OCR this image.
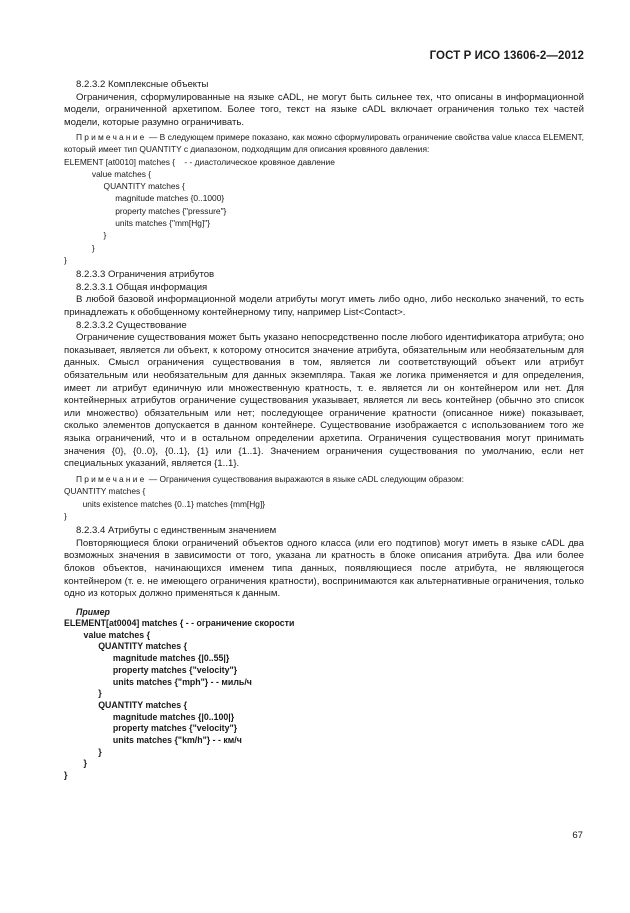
ГОСТ Р ИСО 13606-2—2012

8.2.3.2 Комплексные объекты

Ограничения, сформулированные на языке cADL, не могут быть сильнее тех, что описаны в информационной модели, ограниченной архетипом. Более того, текст на языке cADL включает ограничения только тех частей модели, которые разумно ограничивать.

Примечание — В следующем примере показано, как можно сформулировать ограничение свойства value класса ELEMENT, который имеет тип QUANTITY с диапазоном, подходящим для описания кровяного давления:

ELEMENT [at0010] matches {    - - диастолическое кровяное давление
value matches {
QUANTITY matches {
magnitude matches {0..1000}
property matches {"pressure"}
units matches {"mm[Hg]"}
}
}
}

8.2.3.3 Ограничения атрибутов

8.2.3.3.1 Общая информация

В любой базовой информационной модели атрибуты могут иметь либо одно, либо несколько значений, то есть принадлежать к обобщенному контейнерному типу, например List<Contact>.

8.2.3.3.2 Существование

Ограничение существования может быть указано непосредственно после любого идентификатора атрибута; оно показывает, является ли объект, к которому относится значение атрибута, обязательным или необязательным для данных. Смысл ограничения существования в том, является ли соответствующий объект или атрибут обязательным или необязательным для данных экземпляра. Такая же логика применяется и для определения, имеет ли атрибут единичную или множественную кратность, т. е. является ли он контейнером или нет. Для контейнерных атрибутов ограничение существования указывает, является ли весь контейнер (обычно это список или множество) обязательным или нет; последующее ограничение кратности (описанное ниже) показывает, сколько элементов допускается в данном контейнере. Существование изображается с использованием того же языка ограничений, что и в остальном определении архетипа. Ограничения существования могут принимать значения {0}, {0..0}, {0..1}, {1} или {1..1}. Значением ограничения существования по умолчанию, если нет специальных указаний, является {1..1}.

Примечание — Ограничения существования выражаются в языке cADL следующим образом:

QUANTITY matches {
units existence matches {0..1} matches {mm[Hg]}
}

8.2.3.4 Атрибуты с единственным значением

Повторяющиеся блоки ограничений объектов одного класса (или его подтипов) могут иметь в языке cADL два возможных значения в зависимости от того, указана ли кратность в блоке описания атрибута. Два или более блоков объектов, начинающихся именем типа данных, появляющиеся после атрибута, не являющегося контейнером (т. е. не имеющего ограничения кратности), воспринимаются как альтернативные ограничения, только одно из которых должно применяться к данным.

Пример

ELEMENT[at0004] matches { - - ограничение скорости
value matches {
QUANTITY matches {
magnitude matches {|0..55|}
property matches {"velocity"}
units matches {"mph"} - - миль/ч
}
QUANTITY matches {
magnitude matches {|0..100|}
property matches {"velocity"}
units matches {"km/h"} - - км/ч
}
}
}
67
